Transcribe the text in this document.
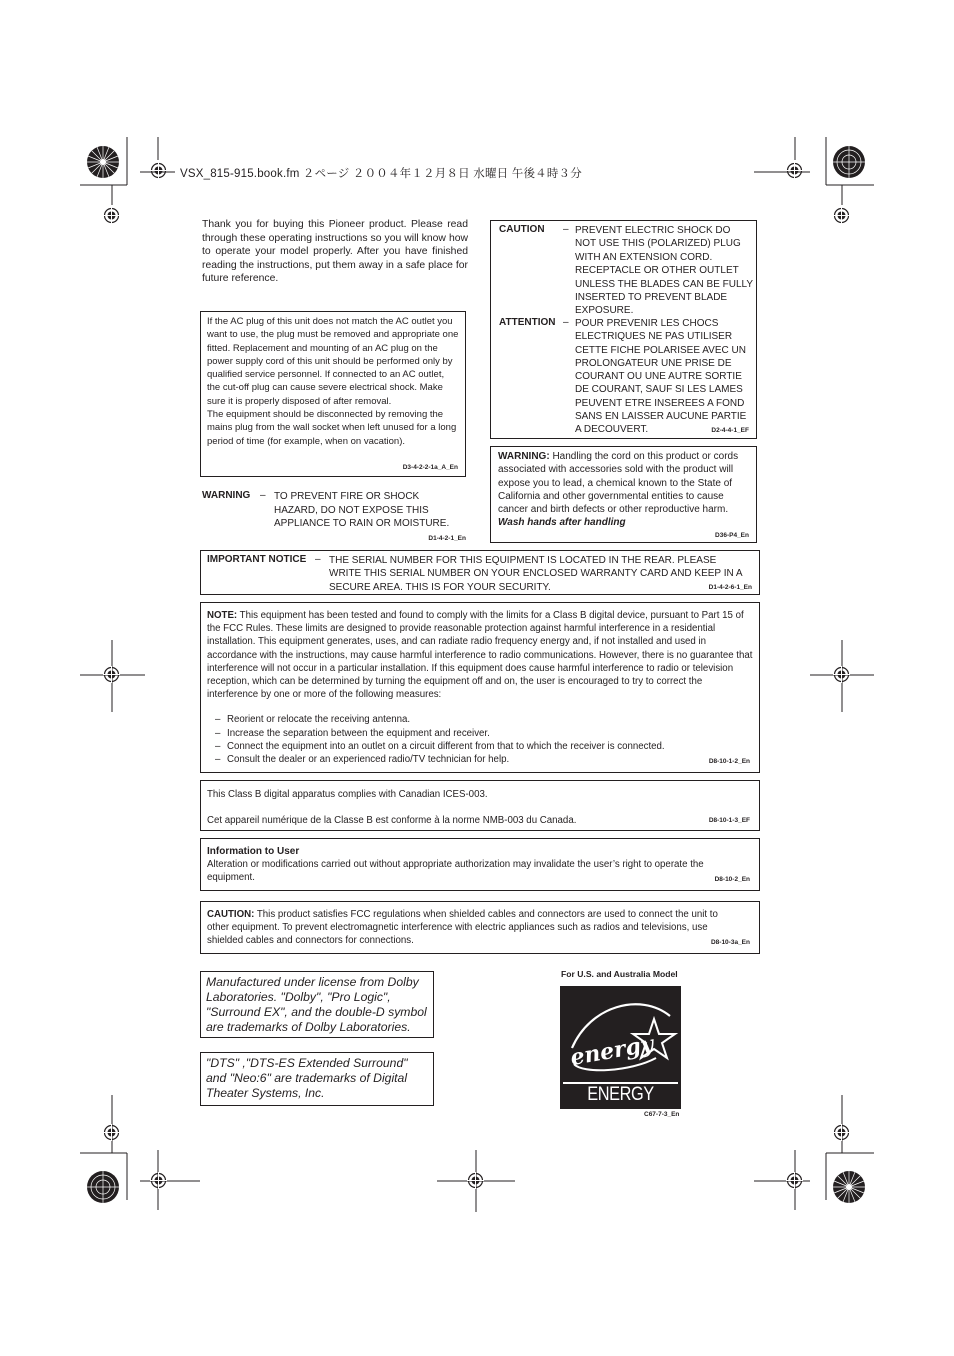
VSX_815-915.book.fm ２ページ ２００４年１２月８日 水曜日 午後４時３分
Thank you for buying this Pioneer product. Please read through these operating instructions so you will know how to operate your model properly. After you have finished reading the instructions, put them away in a safe place for future reference.
If the AC plug of this unit does not match the AC outlet you want to use, the plug must be removed and appropriate one fitted. Replacement and mounting of an AC plug on the power supply cord of this unit should be performed only by qualified service personnel. If connected to an AC outlet, the cut-off plug can cause severe electrical shock. Make sure it is properly disposed of after removal.
The equipment should be disconnected by removing the mains plug from the wall socket when left unused for a long period of time (for example, when on vacation).
D3-4-2-2-1a_A_En
WARNING – TO PREVENT FIRE OR SHOCK HAZARD, DO NOT EXPOSE THIS APPLIANCE TO RAIN OR MOISTURE.
D1-4-2-1_En
CAUTION – PREVENT ELECTRIC SHOCK DO NOT USE THIS (POLARIZED) PLUG WITH AN EXTENSION CORD. RECEPTACLE OR OTHER OUTLET UNLESS THE BLADES CAN BE FULLY INSERTED TO PREVENT BLADE EXPOSURE.
ATTENTION – POUR PREVENIR LES CHOCS ELECTRIQUES NE PAS UTILISER CETTE FICHE POLARISEE AVEC UN PROLONGATEUR UNE PRISE DE COURANT OU UNE AUTRE SORTIE DE COURANT, SAUF SI LES LAMES PEUVENT ETRE INSEREES A FOND SANS EN LAISSER AUCUNE PARTIE A DECOUVERT.	D2-4-4-1_EF
WARNING: Handling the cord on this product or cords associated with accessories sold with the product will expose you to lead, a chemical known to the State of California and other governmental entities to cause cancer and birth defects or other reproductive harm.
Wash hands after handling
D36-P4_En
IMPORTANT NOTICE – THE SERIAL NUMBER FOR THIS EQUIPMENT IS LOCATED IN THE REAR. PLEASE WRITE THIS SERIAL NUMBER ON YOUR ENCLOSED WARRANTY CARD AND KEEP IN A SECURE AREA. THIS IS FOR YOUR SECURITY.	D1-4-2-6-1_En
NOTE: This equipment has been tested and found to comply with the limits for a Class B digital device, pursuant to Part 15 of the FCC Rules. These limits are designed to provide reasonable protection against harmful interference in a residential installation. This equipment generates, uses, and can radiate radio frequency energy and, if not installed and used in accordance with the instructions, may cause harmful interference to radio communications. However, there is no guarantee that interference will not occur in a particular installation. If this equipment does cause harmful interference to radio or television reception, which can be determined by turning the equipment off and on, the user is encouraged to try to correct the interference by one or more of the following measures:
– Reorient or relocate the receiving antenna.
– Increase the separation between the equipment and receiver.
– Connect the equipment into an outlet on a circuit different from that to which the receiver is connected.
– Consult the dealer or an experienced radio/TV technician for help.	D8-10-1-2_En
This Class B digital apparatus complies with Canadian ICES-003.
Cet appareil numérique de la Classe B est conforme à la norme NMB-003 du Canada.	D8-10-1-3_EF
Information to User
Alteration or modifications carried out without appropriate authorization may invalidate the user’s right to operate the equipment.	D8-10-2_En
CAUTION: This product satisfies FCC regulations when shielded cables and connectors are used to connect the unit to other equipment. To prevent electromagnetic interference with electric appliances such as radios and televisions, use shielded cables and connectors for connections.	D8-10-3a_En
Manufactured under license from Dolby Laboratories. "Dolby", "Pro Logic", "Surround EX", and the double-D symbol are trademarks of Dolby Laboratories.
"DTS" ,"DTS-ES Extended Surround" and "Neo:6" are trademarks of Digital Theater Systems, Inc.
For U.S. and Australia Model
energy
ENERGY STAR C67-7-3_En
